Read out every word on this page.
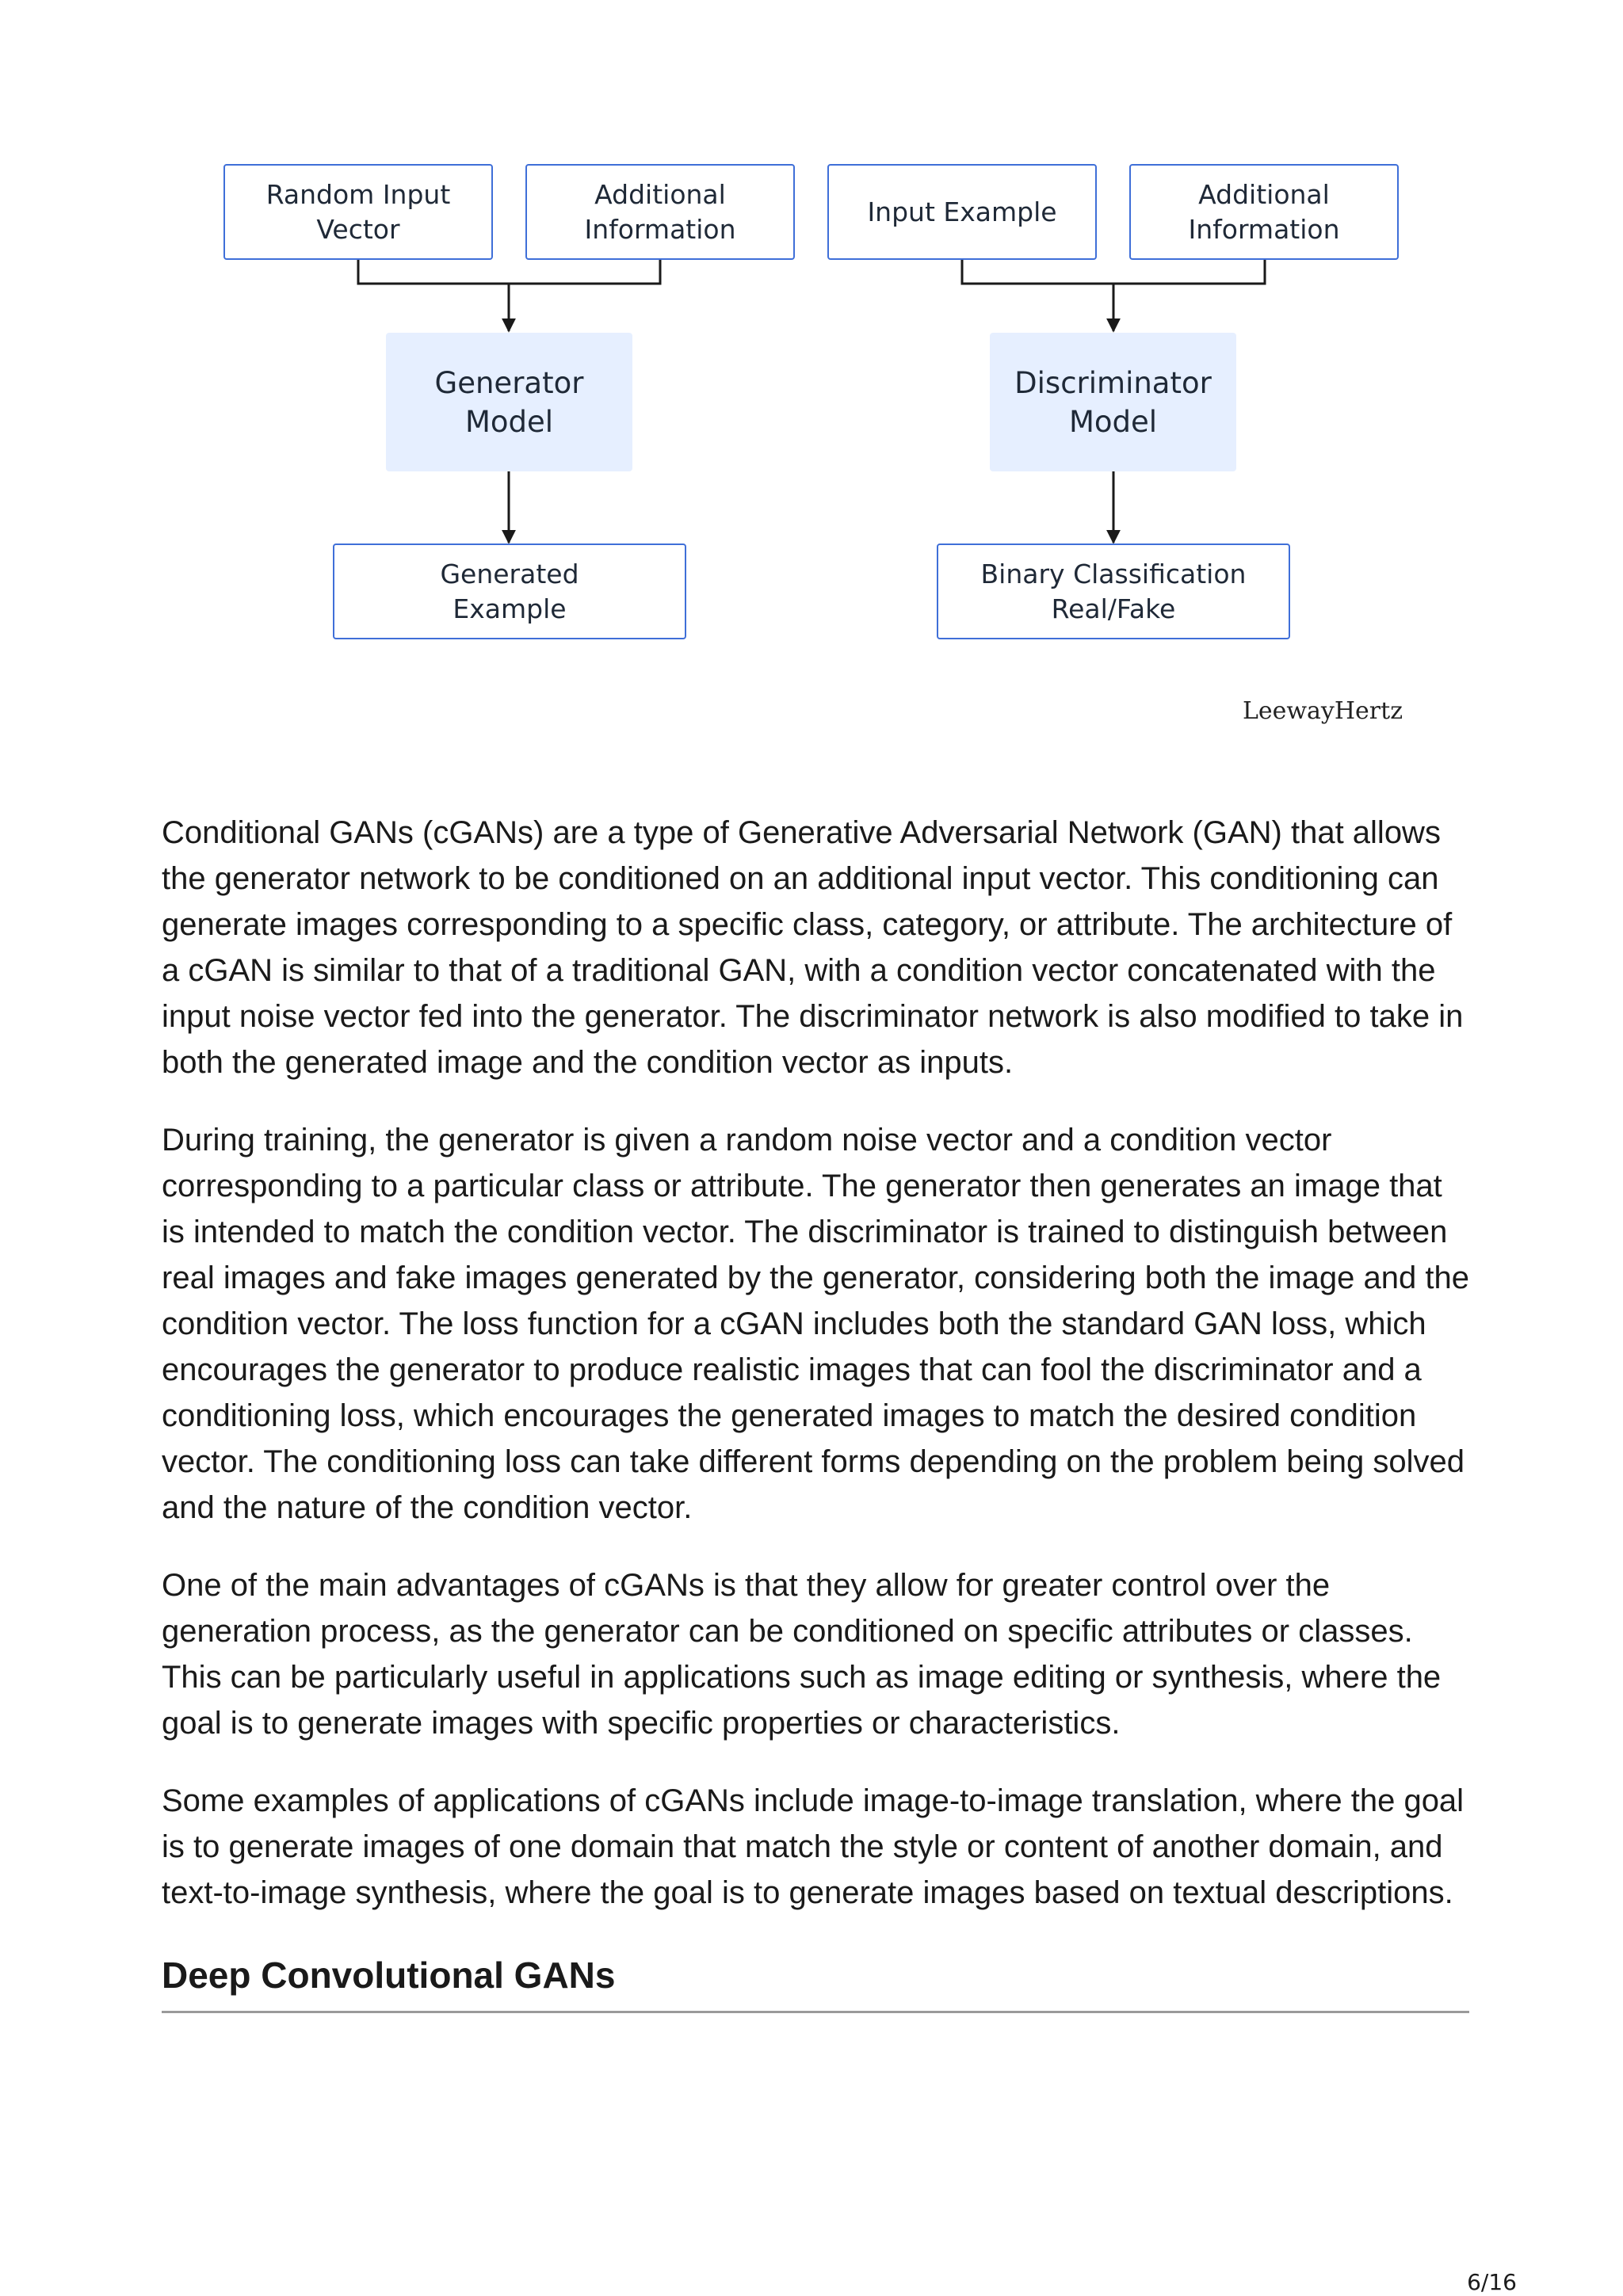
Random Input
Vector
Additional
Information
Input Example
Additional
Information
Generator
Model
Discriminator
Model
Generated
Example
Binary Classification
Real/Fake
LeewayHertz

Conditional GANs (cGANs) are a type of Generative Adversarial Network (GAN) that allows the generator network to be conditioned on an additional input vector. This conditioning can generate images corresponding to a specific class, category, or attribute. The architecture of a cGAN is similar to that of a traditional GAN, with a condition vector concatenated with the input noise vector fed into the generator. The discriminator network is also modified to take in both the generated image and the condition vector as inputs.

During training, the generator is given a random noise vector and a condition vector corresponding to a particular class or attribute. The generator then generates an image that is intended to match the condition vector. The discriminator is trained to distinguish between real images and fake images generated by the generator, considering both the image and the condition vector. The loss function for a cGAN includes both the standard GAN loss, which encourages the generator to produce realistic images that can fool the discriminator and a conditioning loss, which encourages the generated images to match the desired condition vector. The conditioning loss can take different forms depending on the problem being solved and the nature of the condition vector.

One of the main advantages of cGANs is that they allow for greater control over the generation process, as the generator can be conditioned on specific attributes or classes. This can be particularly useful in applications such as image editing or synthesis, where the goal is to generate images with specific properties or characteristics.

Some examples of applications of cGANs include image-to-image translation, where the goal is to generate images of one domain that match the style or content of another domain, and text-to-image synthesis, where the goal is to generate images based on textual descriptions.

Deep Convolutional GANs
6/16
